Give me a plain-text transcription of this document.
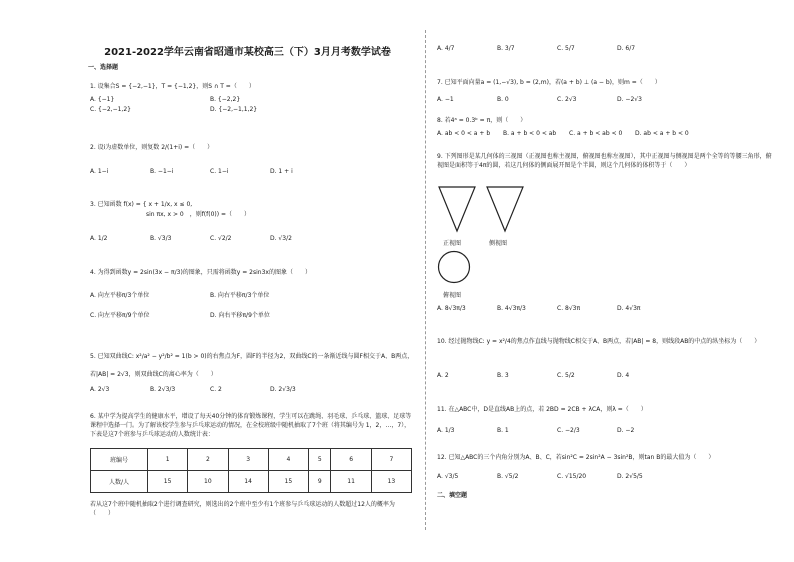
2021-2022学年云南省昭通市某校高三（下）3月月考数学试卷
一、选择题
1. 设集合S = {−2,−1}，T = {−1,2}，则S ∩ T =（　　）
A. {−1}	B. {−2,2}
C. {−2,−1,2}	D. {−2,−1,1,2}
2. 设i为虚数单位，则复数 2/(1+i) =（　　）
A. 1−i	B. −1−i	C. 1−i	D. 1 + i
3. 已知函数 f(x) = { x + 1/x, x ≤ 0,
sin πx, x > 0　，则f(f(0)) =（　　）
A. 1/2	B. √3/3	C. √2/2	D. √3/2
4. 为得到函数y = 2sin(3x − π/3)的图象，只需将函数y = 2sin3x的图象（　　）
A. 向左平移π/3个单位	B. 向右平移π/3个单位
C. 向左平移π/9个单位	D. 向右平移π/9个单位
5. 已知双曲线C: x²/a² − y²/b² = 1(b > 0)的右焦点为F，圆F的半径为2，双曲线C的一条渐近线与圆F相交于A、B两点，
若|AB| = 2√3，则双曲线C的离心率为（　　）
A. 2√3	B. 2√3/3	C. 2	D. 2√3/3
6. 某中学为提高学生的健康水平，增设了每天40分钟的体育锻炼课程，学生可以在跳绳、羽毛球、乒乓球、篮球、足球等课程中选择一门。为了解该校学生参与乒乓球运动的情况，在全校班级中随机抽取了7个班（将其编号为 1，2，…，7），下表是这7个班参与乒乓球运动的人数统计表：
班编号	1	2	3	4	5	6	7
人数/人	15	10	14	15	9	11	13
若从这7个班中随机抽取2个进行调查研究，则选出的2个班中至少有1个班参与乒乓球运动的人数超过12人的概率为（　　）
A. 4/7	B. 3/7	C. 5/7	D. 6/7
7. 已知平面向量a = (1,−√3), b = (2,m)，若(a + b) ⊥ (a − b)，则m =（　　）
A. −1	B. 0	C. 2√3	D. −2√3
8. 若4ᵃ = 0.3ᵇ = π，则（　　）
A. ab < 0 < a + b B. a + b < 0 < ab C. a + b < ab < 0 D. ab < a + b < 0
9. 下列图形是某几何体的三视图（正视图也称主视图，俯视图也称左视图），其中正视图与侧视图是两个全等的等腰三角形，俯视图是面积等于4π的圆，若这几何体的侧面展开图是个半圆，则这个几何体的体积等于（　　）
正视图	侧视图
俯视图
A. 8√3π/3	B. 4√3π/3	C. 8√3π	D. 4√3π
10. 经过抛物线C: y = x²/4的焦点作直线与抛物线C相交于A、B两点，若|AB| = 8，则线段AB的中点的纵坐标为（　　）
A. 2	B. 3	C. 5/2	D. 4
11. 在△ABC中，D是直线AB上的点，若 2BD = 2CB + λCA，则λ =（　　）
A. 1/3	B. 1	C. −2/3	D. −2
12. 已知△ABC的三个内角分别为A、B、C，若sin²C = 2sin²A − 3sin²B，则tan B的最大值为（　　）
A. √3/5	B. √5/2	C. √15/20	D. 2√5/5
二、填空题
